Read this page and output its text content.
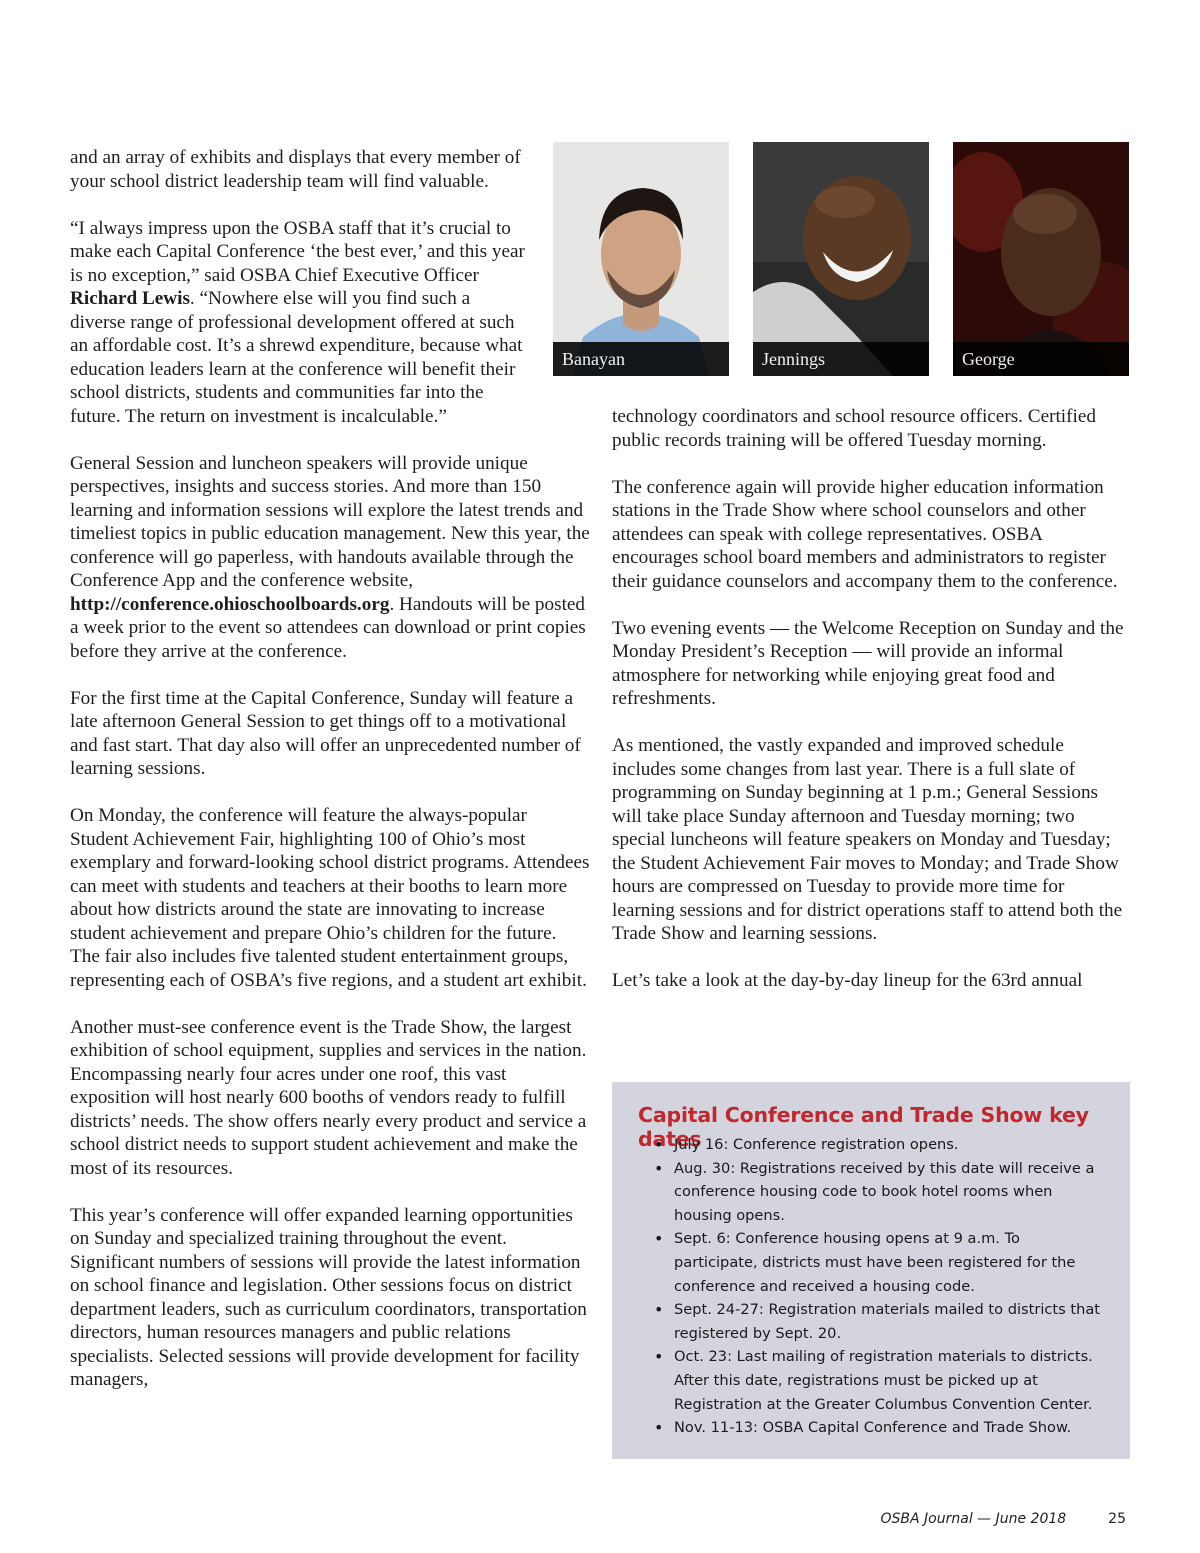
and an array of exhibits and displays that every member of your school district leadership team will find valuable.

“I always impress upon the OSBA staff that it’s crucial to make each Capital Conference ‘the best ever,’ and this year is no exception,” said OSBA Chief Executive Officer Richard Lewis. “Nowhere else will you find such a diverse range of professional development offered at such an affordable cost. It’s a shrewd expenditure, because what education leaders learn at the conference will benefit their school districts, students and communities far into the future. The return on investment is incalculable.”

General Session and luncheon speakers will provide unique perspectives, insights and success stories. And more than 150 learning and information sessions will explore the latest trends and timeliest topics in public education management. New this year, the conference will go paperless, with handouts available through the Conference App and the conference website, http://conference.ohioschoolboards.org. Handouts will be posted a week prior to the event so attendees can download or print copies before they arrive at the conference.

For the first time at the Capital Conference, Sunday will feature a late afternoon General Session to get things off to a motivational and fast start. That day also will offer an unprecedented number of learning sessions.

On Monday, the conference will feature the always-popular Student Achievement Fair, highlighting 100 of Ohio’s most exemplary and forward-looking school district programs. Attendees can meet with students and teachers at their booths to learn more about how districts around the state are innovating to increase student achievement and prepare Ohio’s children for the future. The fair also includes five talented student entertainment groups, representing each of OSBA’s five regions, and a student art exhibit.

Another must-see conference event is the Trade Show, the largest exhibition of school equipment, supplies and services in the nation. Encompassing nearly four acres under one roof, this vast exposition will host nearly 600 booths of vendors ready to fulfill districts’ needs. The show offers nearly every product and service a school district needs to support student achievement and make the most of its resources.

This year’s conference will offer expanded learning opportunities on Sunday and specialized training throughout the event. Significant numbers of sessions will provide the latest information on school finance and legislation. Other sessions focus on district department leaders, such as curriculum coordinators, transportation directors, human resources managers and public relations specialists. Selected sessions will provide development for facility managers,

Banayan	Jennings	George

technology coordinators and school resource officers. Certified public records training will be offered Tuesday morning.

The conference again will provide higher education information stations in the Trade Show where school counselors and other attendees can speak with college representatives. OSBA encourages school board members and administrators to register their guidance counselors and accompany them to the conference.

Two evening events — the Welcome Reception on Sunday and the Monday President’s Reception — will provide an informal atmosphere for networking while enjoying great food and refreshments.

As mentioned, the vastly expanded and improved schedule includes some changes from last year. There is a full slate of programming on Sunday beginning at 1 p.m.; General Sessions will take place Sunday afternoon and Tuesday morning; two special luncheons will feature speakers on Monday and Tuesday; the Student Achievement Fair moves to Monday; and Trade Show hours are compressed on Tuesday to provide more time for learning sessions and for district operations staff to attend both the Trade Show and learning sessions.

Let’s take a look at the day-by-day lineup for the 63rd annual

Capital Conference and Trade Show key dates
• July 16: Conference registration opens.
• Aug. 30: Registrations received by this date will receive a conference housing code to book hotel rooms when housing opens.
• Sept. 6: Conference housing opens at 9 a.m. To participate, districts must have been registered for the conference and received a housing code.
• Sept. 24-27: Registration materials mailed to districts that registered by Sept. 20.
• Oct. 23: Last mailing of registration materials to districts. After this date, registrations must be picked up at Registration at the Greater Columbus Convention Center.
• Nov. 11-13: OSBA Capital Conference and Trade Show.
OSBA Journal — June 2018	25
